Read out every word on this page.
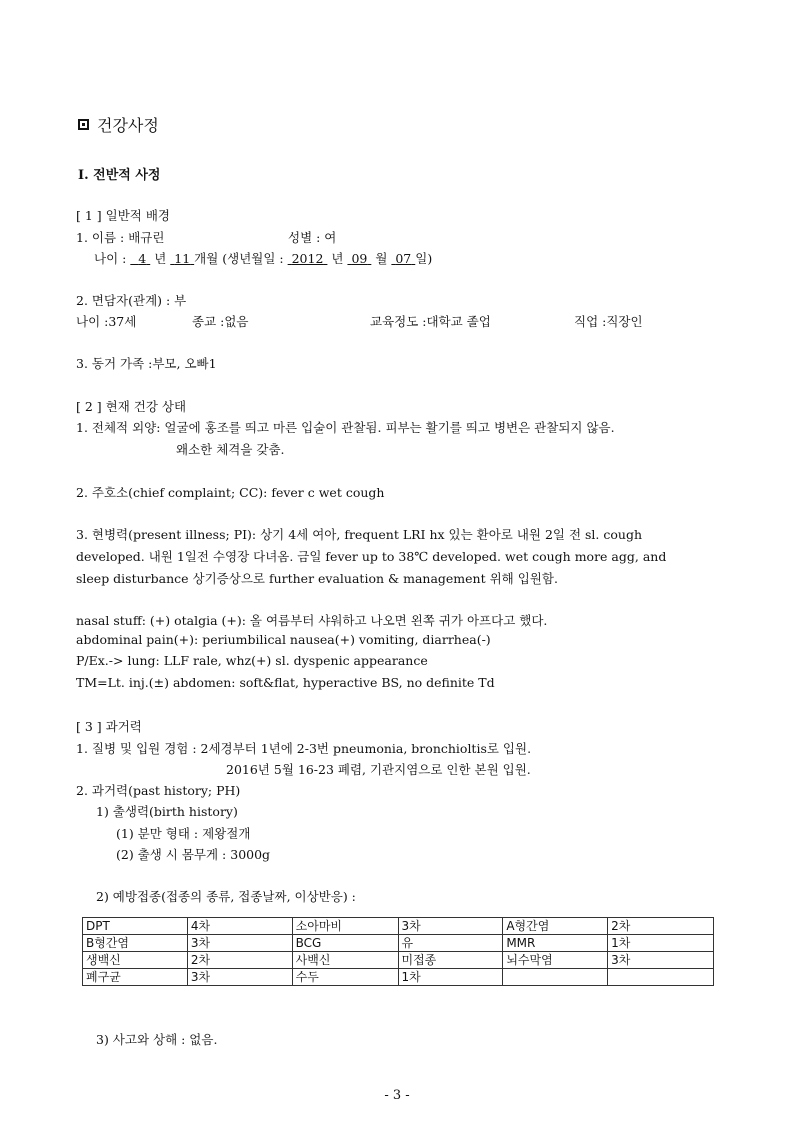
건강사정
I. 전반적 사정
[ 1 ] 일반적 배경
1. 이름 : 배규린	성별 : 여
나이 : 4 년 11 개월 (생년월일 : 2012 년 09 월 07 일)
2. 면담자(관계) : 부
나이 :37세	종교 :없음	교육정도 :대학교 졸업	직업 :직장인
3. 동거 가족 :부모, 오빠1
[ 2 ] 현재 건강 상태
1. 전체적 외양: 얼굴에 홍조를 띄고 마른 입술이 관찰됨. 피부는 활기를 띄고 병변은 관찰되지 않음.
왜소한 체격을 갖춤.
2. 주호소(chief complaint; CC): fever c wet cough
3. 현병력(present illness; PI): 상기 4세 여아, frequent LRI hx 있는 환아로 내원 2일 전 sl. cough
developed. 내원 1일전 수영장 다녀옴. 금일 fever up to 38℃ developed. wet cough more agg, and
sleep disturbance 상기증상으로 further evaluation & management 위해 입원함.
nasal stuff: (+) otalgia (+): 올 여름부터 샤워하고 나오면 왼쪽 귀가 아프다고 했다.
abdominal pain(+): periumbilical nausea(+) vomiting, diarrhea(-)
P/Ex.-> lung: LLF rale, whz(+) sl. dyspenic appearance
TM=Lt. inj.(±) abdomen: soft&flat, hyperactive BS, no definite Td
[ 3 ] 과거력
1. 질병 및 입원 경험 : 2세경부터 1년에 2-3번 pneumonia, bronchioltis로 입원.
2016년 5월 16-23 폐렴, 기관지염으로 인한 본원 입원.
2. 과거력(past history; PH)
1) 출생력(birth history)
(1) 분만 형태 : 제왕절개
(2) 출생 시 몸무게 : 3000g
2) 예방접종(접종의 종류, 접종날짜, 이상반응) :
DPT	4차	소아마비	3차	A형간염	2차
B형간염	3차	BCG	유	MMR	1차
생백신	2차	사백신	미접종	뇌수막염	3차
폐구균	3차	수두	1차		
3) 사고와 상해 : 없음.
- 3 -
